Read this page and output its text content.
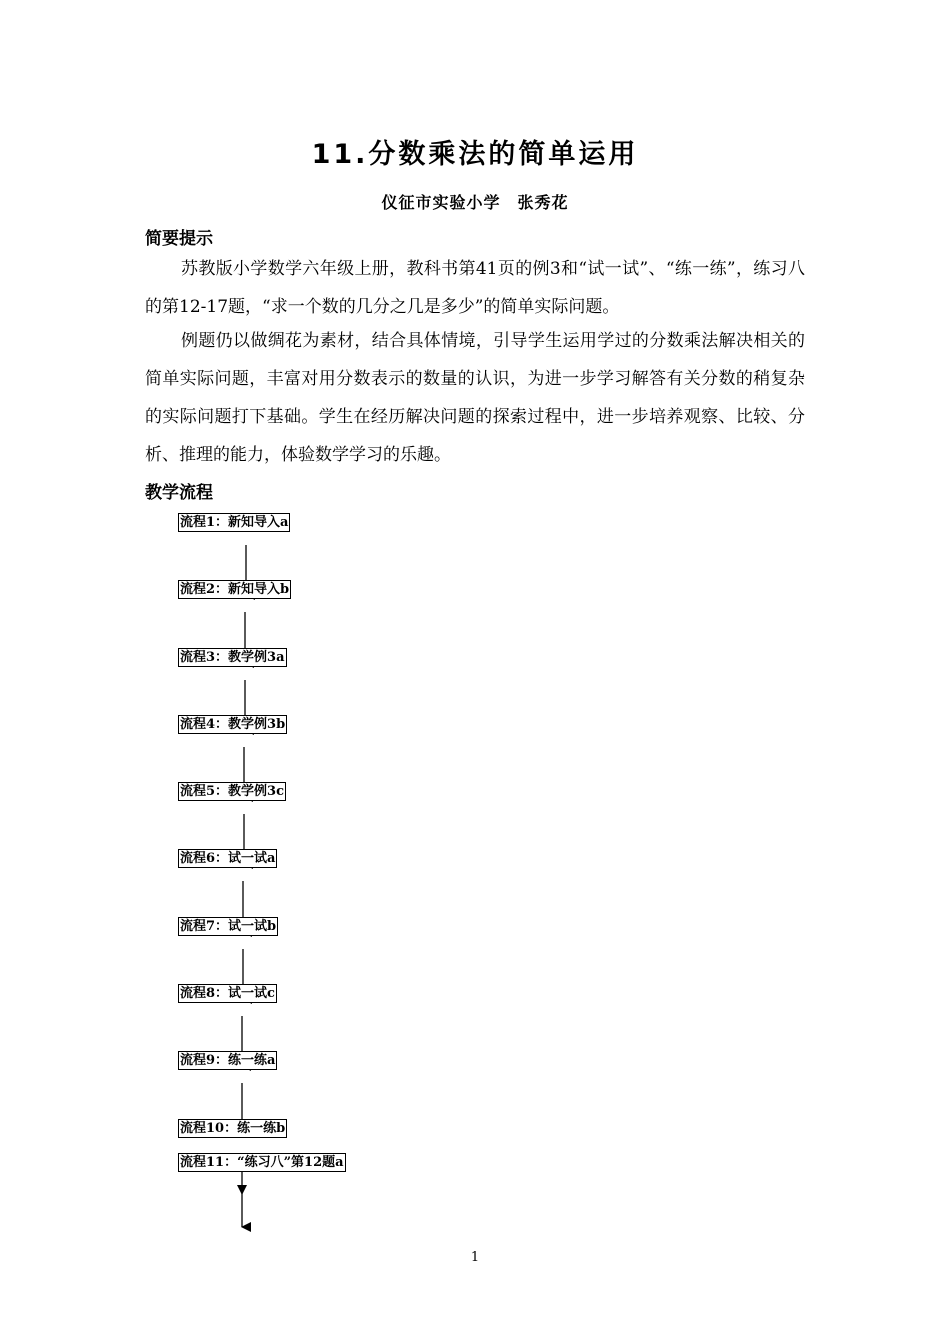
11.分数乘法的简单运用
仪征市实验小学　张秀花
简要提示

苏教版小学数学六年级上册，教科书第41页的例3和“试一试”、“练一练”，练习八的第12-17题，“求一个数的几分之几是多少”的简单实际问题。

例题仍以做绸花为素材，结合具体情境，引导学生运用学过的分数乘法解决相关的简单实际问题，丰富对用分数表示的数量的认识，为进一步学习解答有关分数的稍复杂的实际问题打下基础。学生在经历解决问题的探索过程中，进一步培养观察、比较、分析、推理的能力，体验数学学习的乐趣。

教学流程
流程1：新知导入a
流程2：新知导入b
流程3：教学例3a
流程4：教学例3b
流程5：教学例3c
流程6：试一试a
流程7：试一试b
流程8：试一试c
流程9：练一练a
流程10：练一练b
流程11：“练习八”第12题a
1
